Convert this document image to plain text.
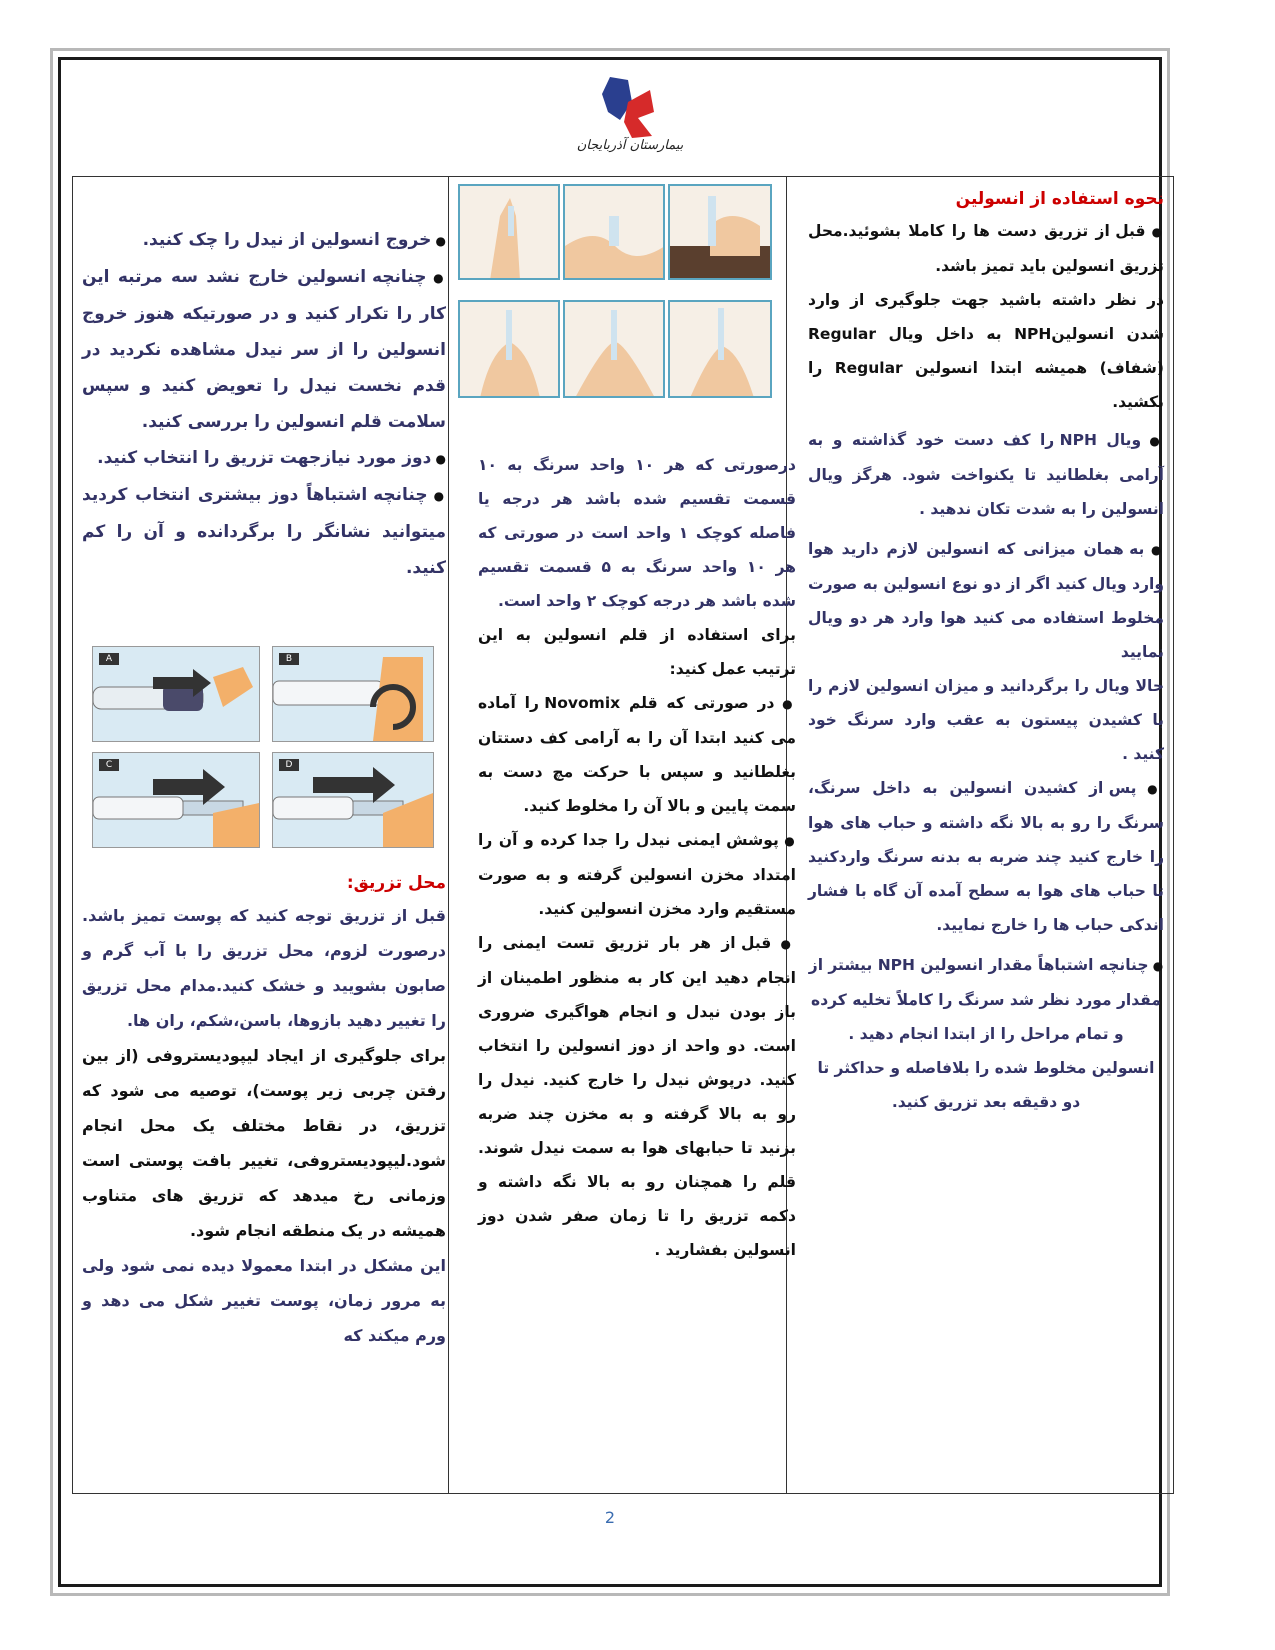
بیمارستان آذربایجان

نحوه استفاده از انسولین

● قبل از تزریق دست ها را کاملا بشوئید.محل تزریق انسولین باید تمیز باشد.

در نظر داشته باشید جهت جلوگیری از وارد شدن انسولینNPH به داخل ویال Regular (شفاف) همیشه ابتدا انسولین Regular را بکشید.

● ویال NPH را کف دست خود گذاشته و به آرامی بغلطانید تا یکنواخت شود. هرگز ویال انسولین را به شدت تکان ندهید .

● به همان میزانی که انسولین لازم دارید هوا وارد ویال کنید اگر از دو نوع انسولین به صورت مخلوط استفاده می کنید هوا وارد هر دو ویال نمایید

حالا ویال را برگردانید و میزان انسولین لازم را با کشیدن پیستون به عقب وارد سرنگ خود کنید .

● پس از کشیدن انسولین به داخل سرنگ، سرنگ را رو به بالا نگه داشته و حباب های هوا را خارج کنید چند ضربه به بدنه سرنگ واردکنید تا حباب های هوا به سطح آمده آن گاه با فشار اندکی حباب ها را خارج نمایید.

● چنانچه اشتباهاً مقدار انسولین NPH بیشتر از مقدار مورد نظر شد سرنگ را کاملاً تخلیه کرده و تمام مراحل را از ابتدا انجام دهید .

انسولین مخلوط شده را بلافاصله و حداکثر تا دو دقیقه بعد تزریق کنید.

درصورتی که هر ۱۰ واحد سرنگ به ۱۰ قسمت تقسیم شده باشد هر درجه یا فاصله کوچک ۱ واحد است در صورتی که هر ۱۰ واحد سرنگ به ۵ قسمت تقسیم شده باشد هر درجه کوچک ۲ واحد است.

برای استفاده از قلم انسولین به این ترتیب عمل کنید:

● در صورتی که قلم Novomix را آماده می کنید ابتدا آن را به آرامی کف دستتان بغلطانید و سپس با حرکت مچ دست به سمت پایین و بالا آن را مخلوط کنید.

● پوشش ایمنی نیدل را جدا کرده و آن را امتداد مخزن انسولین گرفته و به صورت مستقیم وارد مخزن انسولین کنید.

● قبل از هر بار تزریق تست ایمنی را انجام دهید این کار به منظور اطمینان از باز بودن نیدل و انجام هواگیری ضروری است. دو واحد از دوز انسولین را انتخاب کنید. درپوش نیدل را خارج کنید. نیدل را رو به بالا گرفته و به مخزن چند ضربه بزنید تا حبابهای هوا به سمت نیدل شوند. قلم را همچنان رو به بالا نگه داشته و دکمه تزریق را تا زمان صفر شدن دوز انسولین بفشارید .

● خروج انسولین از نیدل را چک کنید.

● چنانچه انسولین خارج نشد سه مرتبه این کار را تکرار کنید و در صورتیکه هنوز خروج انسولین را از سر نیدل مشاهده نکردید در قدم نخست نیدل را تعویض کنید و سپس سلامت قلم انسولین را بررسی کنید.

● دوز مورد نیازجهت تزریق را انتخاب کنید.

● چنانچه اشتباهاً دوز بیشتری انتخاب کردید میتوانید نشانگر را برگردانده و آن را کم کنید.

A	B
C	D

محل تزریق:

قبل از تزریق توجه کنید که پوست تمیز باشد. درصورت لزوم، محل تزریق را با آب گرم و صابون بشویید و خشک کنید.مدام محل تزریق را تغییر دهید بازوها، باسن،شکم، ران ها.

برای جلوگیری از ایجاد لیپودیستروفی (از بین رفتن چربی زیر پوست)، توصیه می شود که تزریق، در نقاط مختلف یک محل انجام شود.لیپودیستروفی، تغییر بافت پوستی است وزمانی رخ میدهد که تزریق های متناوب همیشه در یک منطقه انجام شود.

این مشکل در ابتدا معمولا دیده نمی شود ولی به مرور زمان، پوست تغییر شکل می دهد و ورم میکند که

2
